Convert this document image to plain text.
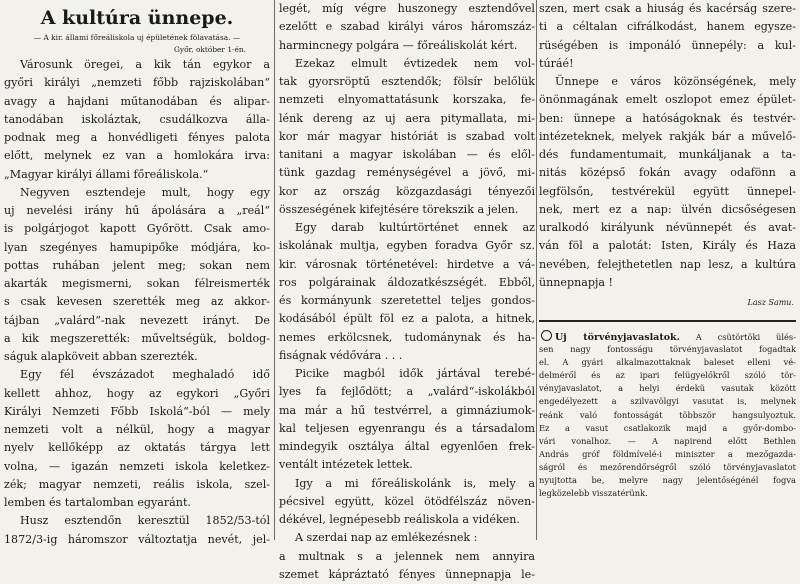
A kultúra ünnepe.
— A kir. állami főreáliskola uj épületének fölavatása. —
Győr, október 1-én.
Városunk öregei, a kik tán egykor a
győri királyi „nemzeti főbb rajziskolában“
avagy a hajdani műtanodában és alipar-
tanodában iskoláztak, csudálkozva álla-
podnak meg a honvédligeti fényes palota
előtt, melynek ez van a homlokára irva:
„Magyar királyi állami főreáliskola.“
Negyven esztendeje mult, hogy egy
uj nevelési irány hű ápolására a „reál“
is polgárjogot kapott Győrött. Csak amo-
lyan szegényes hamupipőke módjára, ko-
pottas ruhában jelent meg; sokan nem
akarták megismerni, sokan félreismerték
s csak kevesen szerették meg az akkor-
tájban „valárd“-nak nevezett irányt. De
a kik megszerették: műveltségük, boldog-
ságuk alapköveit abban szerezték.
Egy fél évszázadot meghaladó idő
kellett ahhoz, hogy az egykori „Győri
Királyi Nemzeti Főbb Iskolá“-ból — mely
nemzeti volt a nélkül, hogy a magyar
nyelv kellőképp az oktatás tárgya lett
volna, — igazán nemzeti iskola keletkez-
zék; magyar nemzeti, reális iskola, szel-
lemben és tartalomban egyaránt.
Husz esztendőn keresztül 1852/53-tól
1872/3-ig háromszor változtatja nevét, jel-
legét, míg végre huszonegy esztendővel
ezelőtt e szabad királyi város háromszáz-
harmincnegy polgára — főreáliskolát kért.
Ezekaz elmult évtizedek nem vol-
tak gyorsröptű esztendők; fölsír belőlük
nemzeti elnyomattatásunk korszaka, fe-
lénk dereng az uj aera pitymallata, mi-
kor már magyar históriát is szabad volt
tanitani a magyar iskolában — és elől-
tünk gazdag reménységével a jövő, mi-
kor az ország közgazdasági tényezői
összeségének kifejtésére törekszik a jelen.
Egy darab kultúrtörténet ennek az
iskolának multja, egyben foradva Győr sz.
kir. városnak történetével: hirdetve a vá-
ros polgárainak áldozatkészségét. Ebből,
és kormányunk szeretettel teljes gondos-
kodásából épült föl ez a palota, a hitnek,
nemes erkölcsnek, tudománynak és ha-
fiságnak védővára . . .
Picike magból idők jártával terebé-
lyes fa fejlődött; a „valárd“-iskolákból
ma már a hű testvérrel, a gimnáziumok-
kal teljesen egyenrangu és a társadalom
mindegyik osztálya által egyenlően frek-
ventált intézetek lettek.
Igy a mi főreáliskolánk is, mely a
pécsivel együtt, közel ötödfélszáz növen-
dékével, legnépesebb reáliskola a vidéken.
A szerdai nap az emlékezésnek :
a multnak s a jelennek nem annyira
szemet kápráztató fényes ünnepnapja le-
szen, mert csak a hiuság és kacérság szere-
ti a céltalan cifrálkodást, hanem egysze-
rüségében is imponáló ünnepély: a kul-
túráé!
Ünnepe e város közönségének, mely
önönmagának emelt oszlopot emez épület-
ben: ünnepe a hatóságoknak és testvér-
intézeteknek, melyek rakják bár a művelő-
dés fundamentumait, munkáljanak a ta-
nitás középső fokán avagy odafönn a
legfölsőn, testvérekül együtt ünnepel-
nek, mert ez a nap: ülvén dicsőségesen
uralkodó királyunk névünnepét és avat-
ván föl a palotát: Isten, Király és Haza
nevében, felejthetetlen nap lesz, a kultúra
ünnepnapja !
Lasz Samu.
Uj törvényjavaslatok. A csütörtöki ülés-
sen nagy fontosságu törvényjavaslatot fogadtak
el. A gyári alkalmazottaknak baleset elleni vé-
delméről és az ipari felügyelőkről szóló tör-
vényjavaslatot, a helyi érdekü vasutak között
engedélyezett a szilvavölgyi vasutat is, melynek
reánk való fontosságát többször hangsulyoztuk.
Ez a vasut csatlakozik majd a győr-dombo-
vári vonalhoz. — A napirend előtt Bethlen
András gróf földmívelé-i miniszter a mezőgazda-
ságról és mezőrendőrségről szóló törvényjavaslatot
nyujtotta be, melyre nagy jelentőségénél fogva
legközelebb visszatérünk.
